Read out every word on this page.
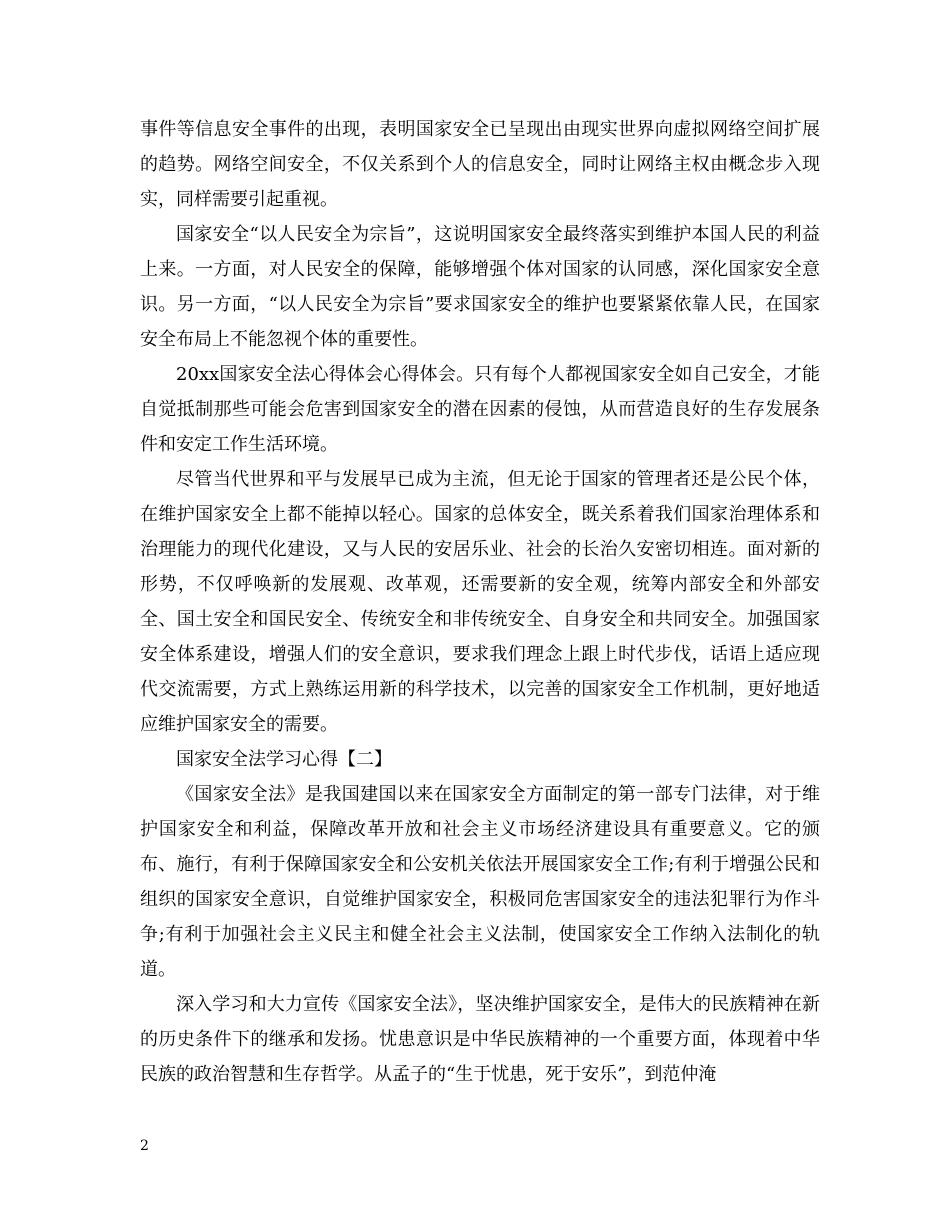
事件等信息安全事件的出现，表明国家安全已呈现出由现实世界向虚拟网络空间扩展的趋势。网络空间安全，不仅关系到个人的信息安全，同时让网络主权由概念步入现实，同样需要引起重视。

国家安全“以人民安全为宗旨”，这说明国家安全最终落实到维护本国人民的利益上来。一方面，对人民安全的保障，能够增强个体对国家的认同感，深化国家安全意识。另一方面，“以人民安全为宗旨”要求国家安全的维护也要紧紧依靠人民，在国家安全布局上不能忽视个体的重要性。

20xx国家安全法心得体会心得体会。只有每个人都视国家安全如自己安全，才能自觉抵制那些可能会危害到国家安全的潜在因素的侵蚀，从而营造良好的生存发展条件和安定工作生活环境。

尽管当代世界和平与发展早已成为主流，但无论于国家的管理者还是公民个体，在维护国家安全上都不能掉以轻心。国家的总体安全，既关系着我们国家治理体系和治理能力的现代化建设，又与人民的安居乐业、社会的长治久安密切相连。面对新的形势，不仅呼唤新的发展观、改革观，还需要新的安全观，统筹内部安全和外部安全、国土安全和国民安全、传统安全和非传统安全、自身安全和共同安全。加强国家安全体系建设，增强人们的安全意识，要求我们理念上跟上时代步伐，话语上适应现代交流需要，方式上熟练运用新的科学技术，以完善的国家安全工作机制，更好地适应维护国家安全的需要。

国家安全法学习心得【二】

《国家安全法》是我国建国以来在国家安全方面制定的第一部专门法律，对于维护国家安全和利益，保障改革开放和社会主义市场经济建设具有重要意义。它的颁布、施行，有利于保障国家安全和公安机关依法开展国家安全工作;有利于增强公民和组织的国家安全意识，自觉维护国家安全，积极同危害国家安全的违法犯罪行为作斗争;有利于加强社会主义民主和健全社会主义法制，使国家安全工作纳入法制化的轨道。

深入学习和大力宣传《国家安全法》，坚决维护国家安全，是伟大的民族精神在新的历史条件下的继承和发扬。忧患意识是中华民族精神的一个重要方面，体现着中华民族的政治智慧和生存哲学。从孟子的“生于忧患，死于安乐”，到范仲淹

2
